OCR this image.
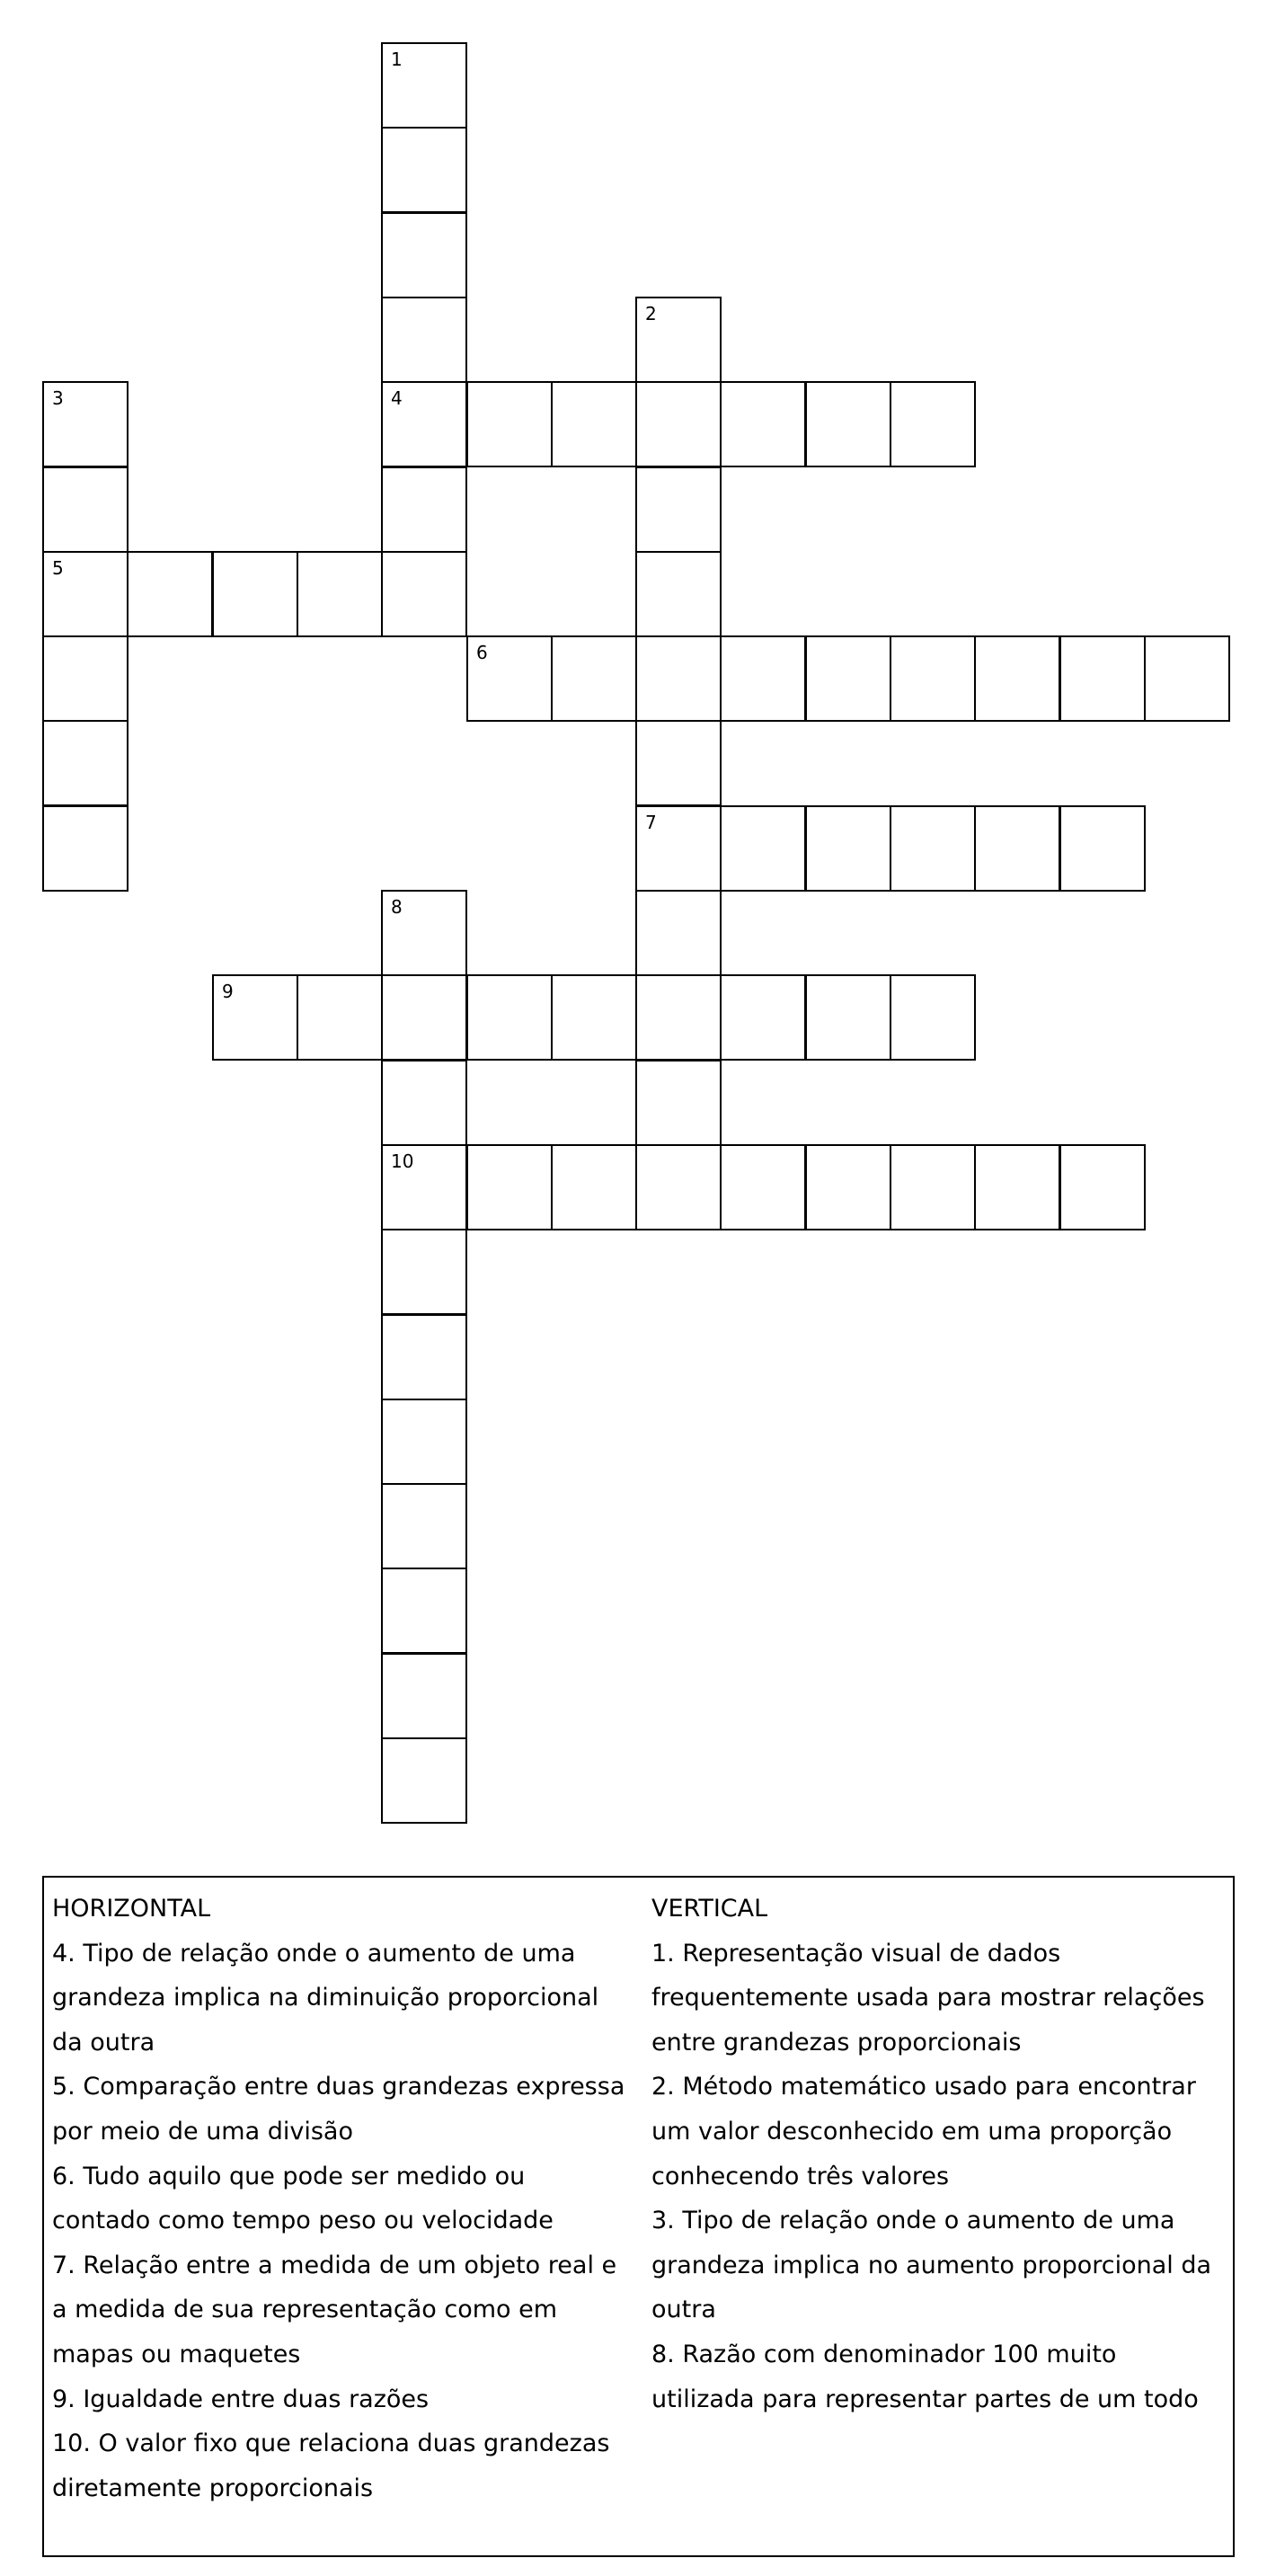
1
4
2
7
3
5
6
8
10
9
HORIZONTAL
4. Tipo de relação onde o aumento de uma grandeza implica na diminuição proporcional da outra
5. Comparação entre duas grandezas expressa por meio de uma divisão
6. Tudo aquilo que pode ser medido ou contado como tempo peso ou velocidade
7. Relação entre a medida de um objeto real e a medida de sua representação como em mapas ou maquetes
9. Igualdade entre duas razões
10. O valor fixo que relaciona duas grandezas diretamente proporcionais
VERTICAL
1. Representação visual de dados frequentemente usada para mostrar relações entre grandezas proporcionais
2. Método matemático usado para encontrar um valor desconhecido em uma proporção conhecendo três valores
3. Tipo de relação onde o aumento de uma grandeza implica no aumento proporcional da outra
8. Razão com denominador 100 muito utilizada para representar partes de um todo
